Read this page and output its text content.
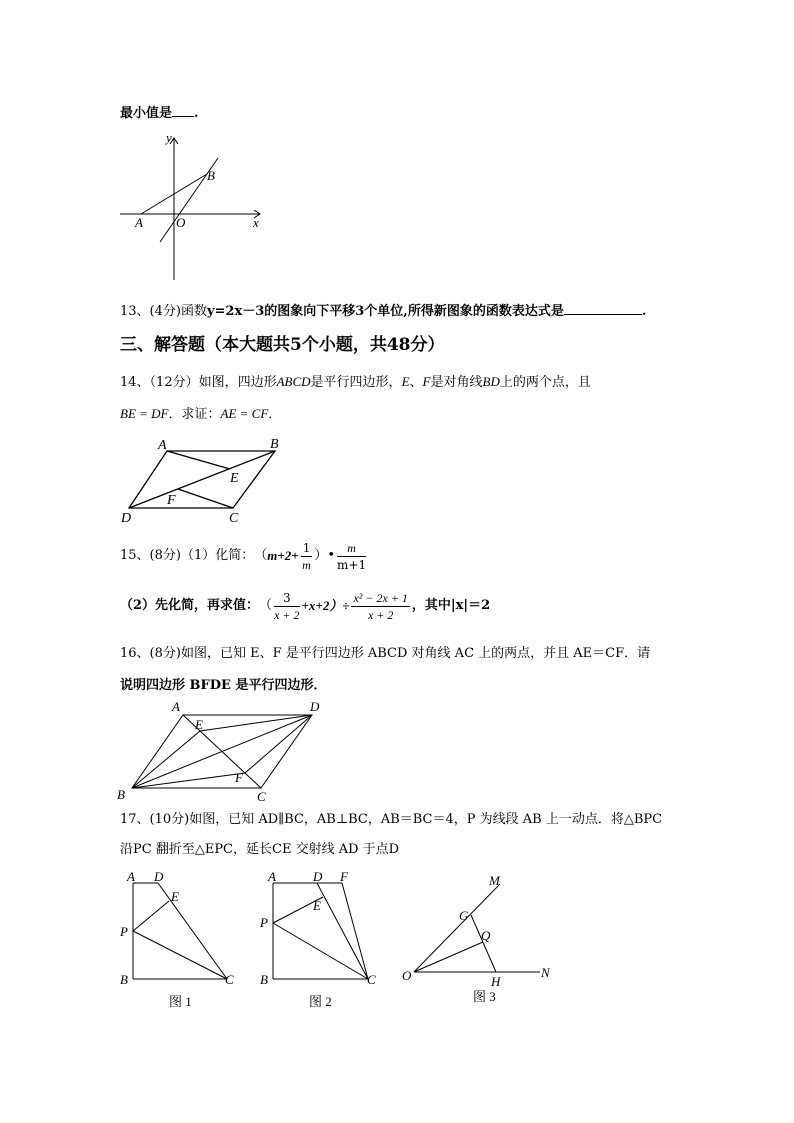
最小值是 .
y
x
O
A
B
13、(4分)函数y=2x－3的图象向下平移3个单位,所得新图象的函数表达式是	.
三、解答题（本大题共5个小题，共48分）
14、（12分）如图，四边形ABCD是平行四边形，E、F是对角线BD上的两个点，且
BE = DF．求证：AE = CF．
A	B
C
D
E
F
15、(8分)（1）化简： （ $m+2+ \frac{1}{m}$ ） • $\frac{m}{m+1}$
（2）先化简，再求值： （ $\frac{3}{x + 2} +x+2)\div \frac{\text{x² − 2x + 1}}{x + 2}$ ，其中|x|＝2
16、(8分)如图，已知 E、F 是平行四边形 ABCD 对角线 AC 上的两点，并且 AE＝CF．请
说明四边形 BFDE 是平行四边形．
A	D
B	C
E
F
17、(10分)如图，已知 AD∥BC，AB⊥BC，AB＝BC＝4，P 为线段 AB 上一动点．将△BPC
沿PC 翻折至△EPC，延长CE 交射线 AD 于点D
A D
E
P
B	C
图 1
A	D F
E
P
B	C
图 2
M
G
Q
O	H
N
图 3
